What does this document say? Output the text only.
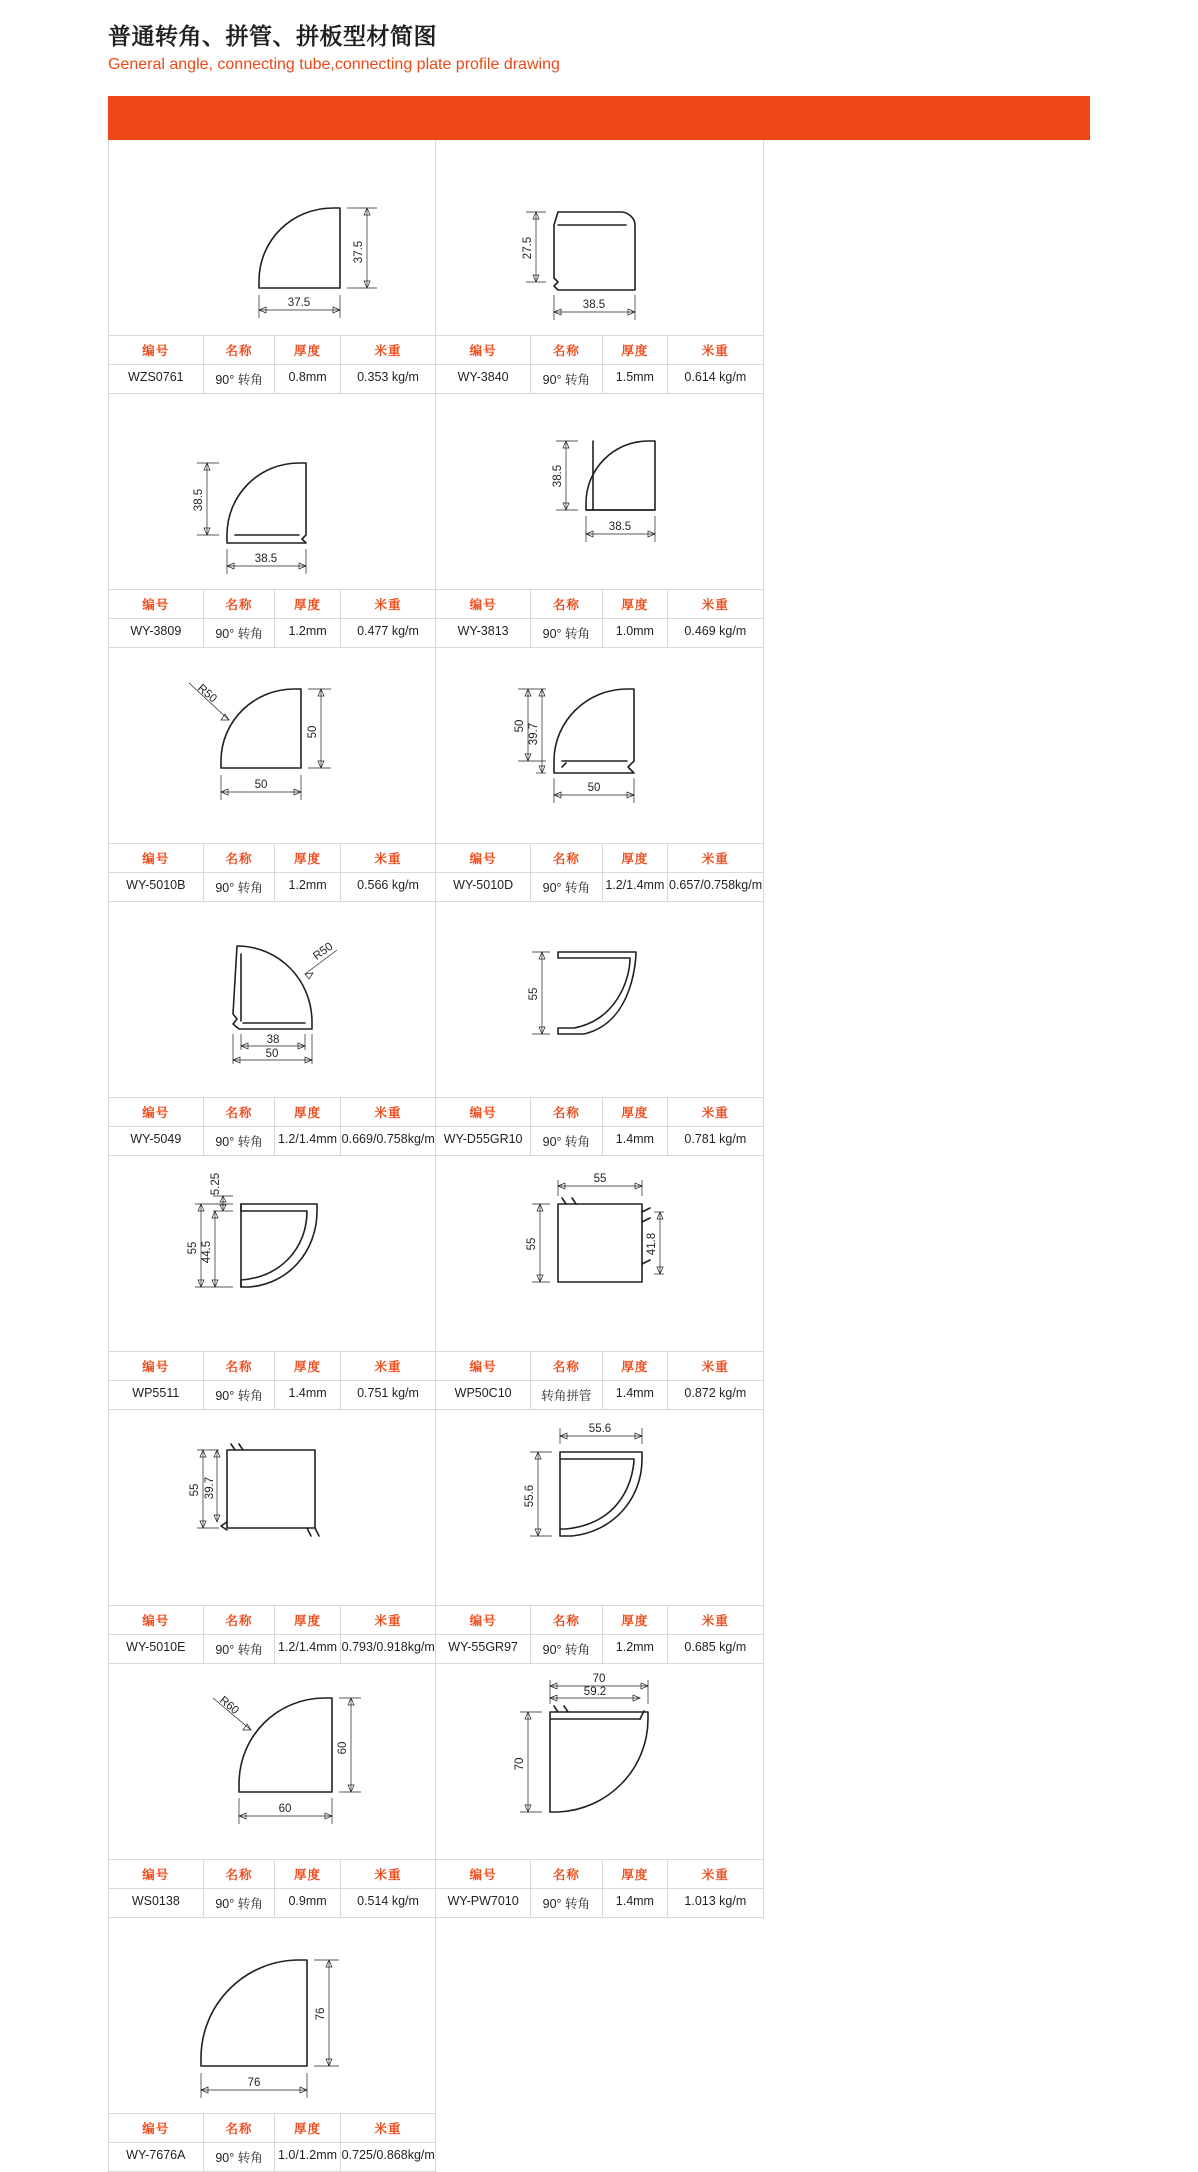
普通转角、拼管、拼板型材简图
General angle, connecting tube,connecting plate profile drawing
37.5
37.5
编号	名称	厚度	米重
WZS0761	90° 转角	0.8mm	0.353 kg/m
27.5
38.5
编号	名称	厚度	米重
WY-3840	90° 转角	1.5mm	0.614 kg/m
38.5
38.5
编号	名称	厚度	米重
WY-3809	90° 转角	1.2mm	0.477 kg/m
38.5
38.5
编号	名称	厚度	米重
WY-3813	90° 转角	1.0mm	0.469 kg/m
R50
50
50
编号	名称	厚度	米重
WY-5010B	90° 转角	1.2mm	0.566 kg/m
50 39.7
50
编号	名称	厚度	米重
WY-5010D	90° 转角	1.2/1.4mm 0.657/0.758kg/m
R50
38
50
编号	名称	厚度	米重
WY-5049	90° 转角	1.2/1.4mm 0.669/0.758kg/m
55
编号	名称	厚度	米重
WY-D55GR10	90° 转角	1.4mm	0.781 kg/m
5.25
55 44.5
编号	名称	厚度	米重
WP5511	90° 转角	1.4mm	0.751 kg/m
55
55	41.8
编号	名称	厚度	米重
WP50C10	转角拼管	1.4mm	0.872 kg/m
55 39.7
编号	名称	厚度	米重
WY-5010E	90° 转角	1.2/1.4mm 0.793/0.918kg/m
55.6
55.6
编号	名称	厚度	米重
WY-55GR97	90° 转角	1.2mm	0.685 kg/m
R60
60
60
编号	名称	厚度	米重
WS0138	90° 转角	0.9mm	0.514 kg/m
70
59.2
70
编号	名称	厚度	米重
WY-PW7010	90° 转角	1.4mm	1.013 kg/m
76
76
编号	名称	厚度	米重
WY-7676A	90° 转角	1.0/1.2mm 0.725/0.868kg/m
